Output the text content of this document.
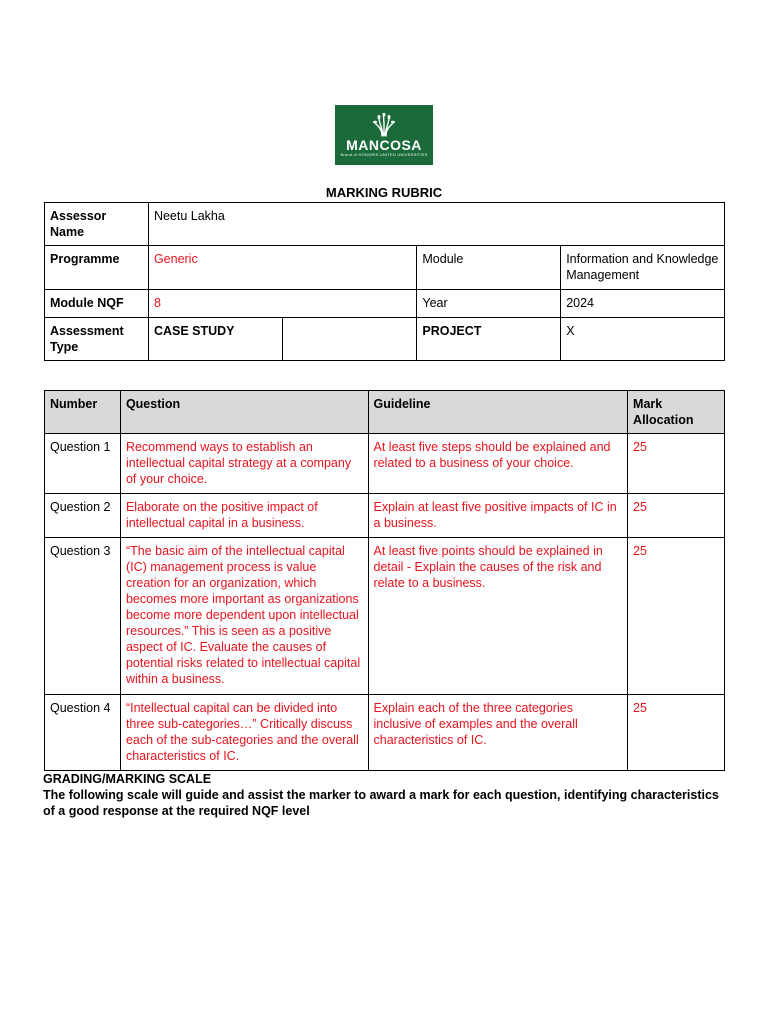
MANCOSA
Brand of HONORIS UNITED UNIVERSITIES
MARKING RUBRIC
Assessor Name	Neetu Lakha			
Programme	Generic		Module	Information and Knowledge Management
Module NQF	8		Year	2024
Assessment Type	CASE STUDY		PROJECT	X
Number	Question	Guideline	Mark Allocation
Question 1	Recommend ways to establish an intellectual capital strategy at a company of your choice.	At least five steps should be explained and related to a business of your choice.	25
Question 2	Elaborate on the positive impact of intellectual capital in a business.	Explain at least five positive impacts of IC in a business.	25
Question 3	“The basic aim of the intellectual capital (IC) management process is value creation for an organization, which becomes more important as organizations become more dependent upon intellectual resources.” This is seen as a positive aspect of IC. Evaluate the causes of potential risks related to intellectual capital within a business.	At least five points should be explained in detail - Explain the causes of the risk and relate to a business.	25
Question 4	“Intellectual capital can be divided into three sub-categories…” Critically discuss each of the sub-categories and the overall characteristics of IC.	Explain each of the three categories inclusive of examples and the overall characteristics of IC.	25
GRADING/MARKING SCALE
The following scale will guide and assist the marker to award a mark for each question, identifying characteristics of a good response at the required NQF level
